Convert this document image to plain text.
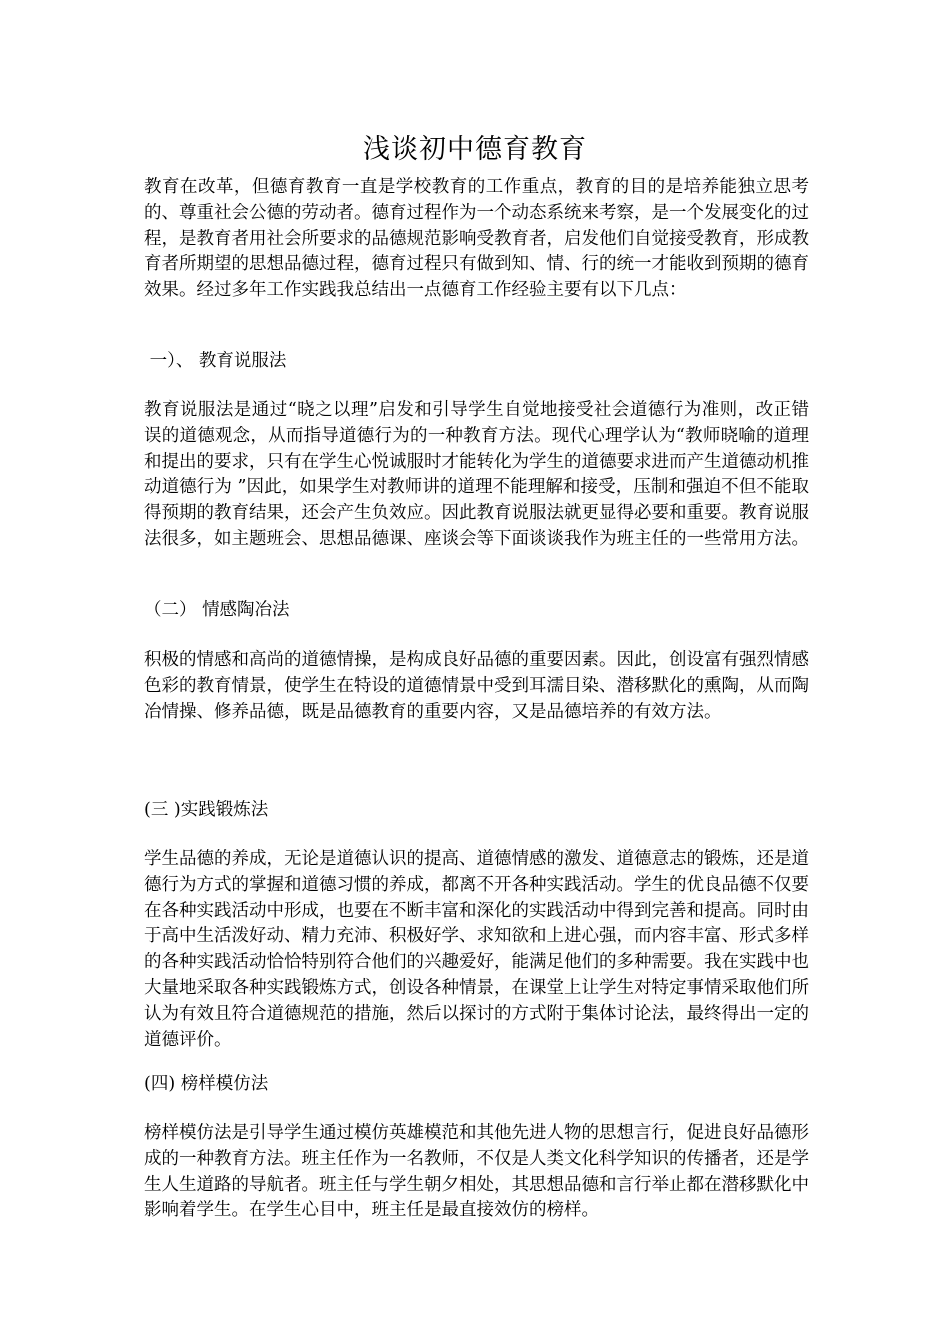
浅谈初中德育教育

教育在改革，但德育教育一直是学校教育的工作重点，教育的目的是培养能独立思考的、尊重社会公德的劳动者。德育过程作为一个动态系统来考察，是一个发展变化的过程，是教育者用社会所要求的品德规范影响受教育者，启发他们自觉接受教育，形成教育者所期望的思想品德过程，德育过程只有做到知、情、行的统一才能收到预期的德育效果。经过多年工作实践我总结出一点德育工作经验主要有以下几点：

一）、 教育说服法

教育说服法是通过“晓之以理”启发和引导学生自觉地接受社会道德行为准则，改正错误的道德观念，从而指导道德行为的一种教育方法。现代心理学认为“教师晓喻的道理和提出的要求，只有在学生心悦诚服时才能转化为学生的道德要求进而产生道德动机推动道德行为 ”因此，如果学生对教师讲的道理不能理解和接受，压制和强迫不但不能取得预期的教育结果，还会产生负效应。因此教育说服法就更显得必要和重要。教育说服法很多，如主题班会、思想品德课、座谈会等下面谈谈我作为班主任的一些常用方法。

（二） 情感陶冶法

积极的情感和高尚的道德情操，是构成良好品德的重要因素。因此，创设富有强烈情感色彩的教育情景，使学生在特设的道德情景中受到耳濡目染、潜移默化的熏陶，从而陶冶情操、修养品德，既是品德教育的重要内容，又是品德培养的有效方法。

(三 )实践锻炼法

学生品德的养成，无论是道德认识的提高、道德情感的激发、道德意志的锻炼，还是道德行为方式的掌握和道德习惯的养成，都离不开各种实践活动。学生的优良品德不仅要在各种实践活动中形成，也要在不断丰富和深化的实践活动中得到完善和提高。同时由于高中生活泼好动、精力充沛、积极好学、求知欲和上进心强，而内容丰富、形式多样的各种实践活动恰恰特别符合他们的兴趣爱好，能满足他们的多种需要。我在实践中也大量地采取各种实践锻炼方式，创设各种情景，在课堂上让学生对特定事情采取他们所认为有效且符合道德规范的措施，然后以探讨的方式附于集体讨论法，最终得出一定的道德评价。

(四) 榜样模仿法

榜样模仿法是引导学生通过模仿英雄模范和其他先进人物的思想言行，促进良好品德形成的一种教育方法。班主任作为一名教师，不仅是人类文化科学知识的传播者，还是学生人生道路的导航者。班主任与学生朝夕相处，其思想品德和言行举止都在潜移默化中影响着学生。在学生心目中，班主任是最直接效仿的榜样。
